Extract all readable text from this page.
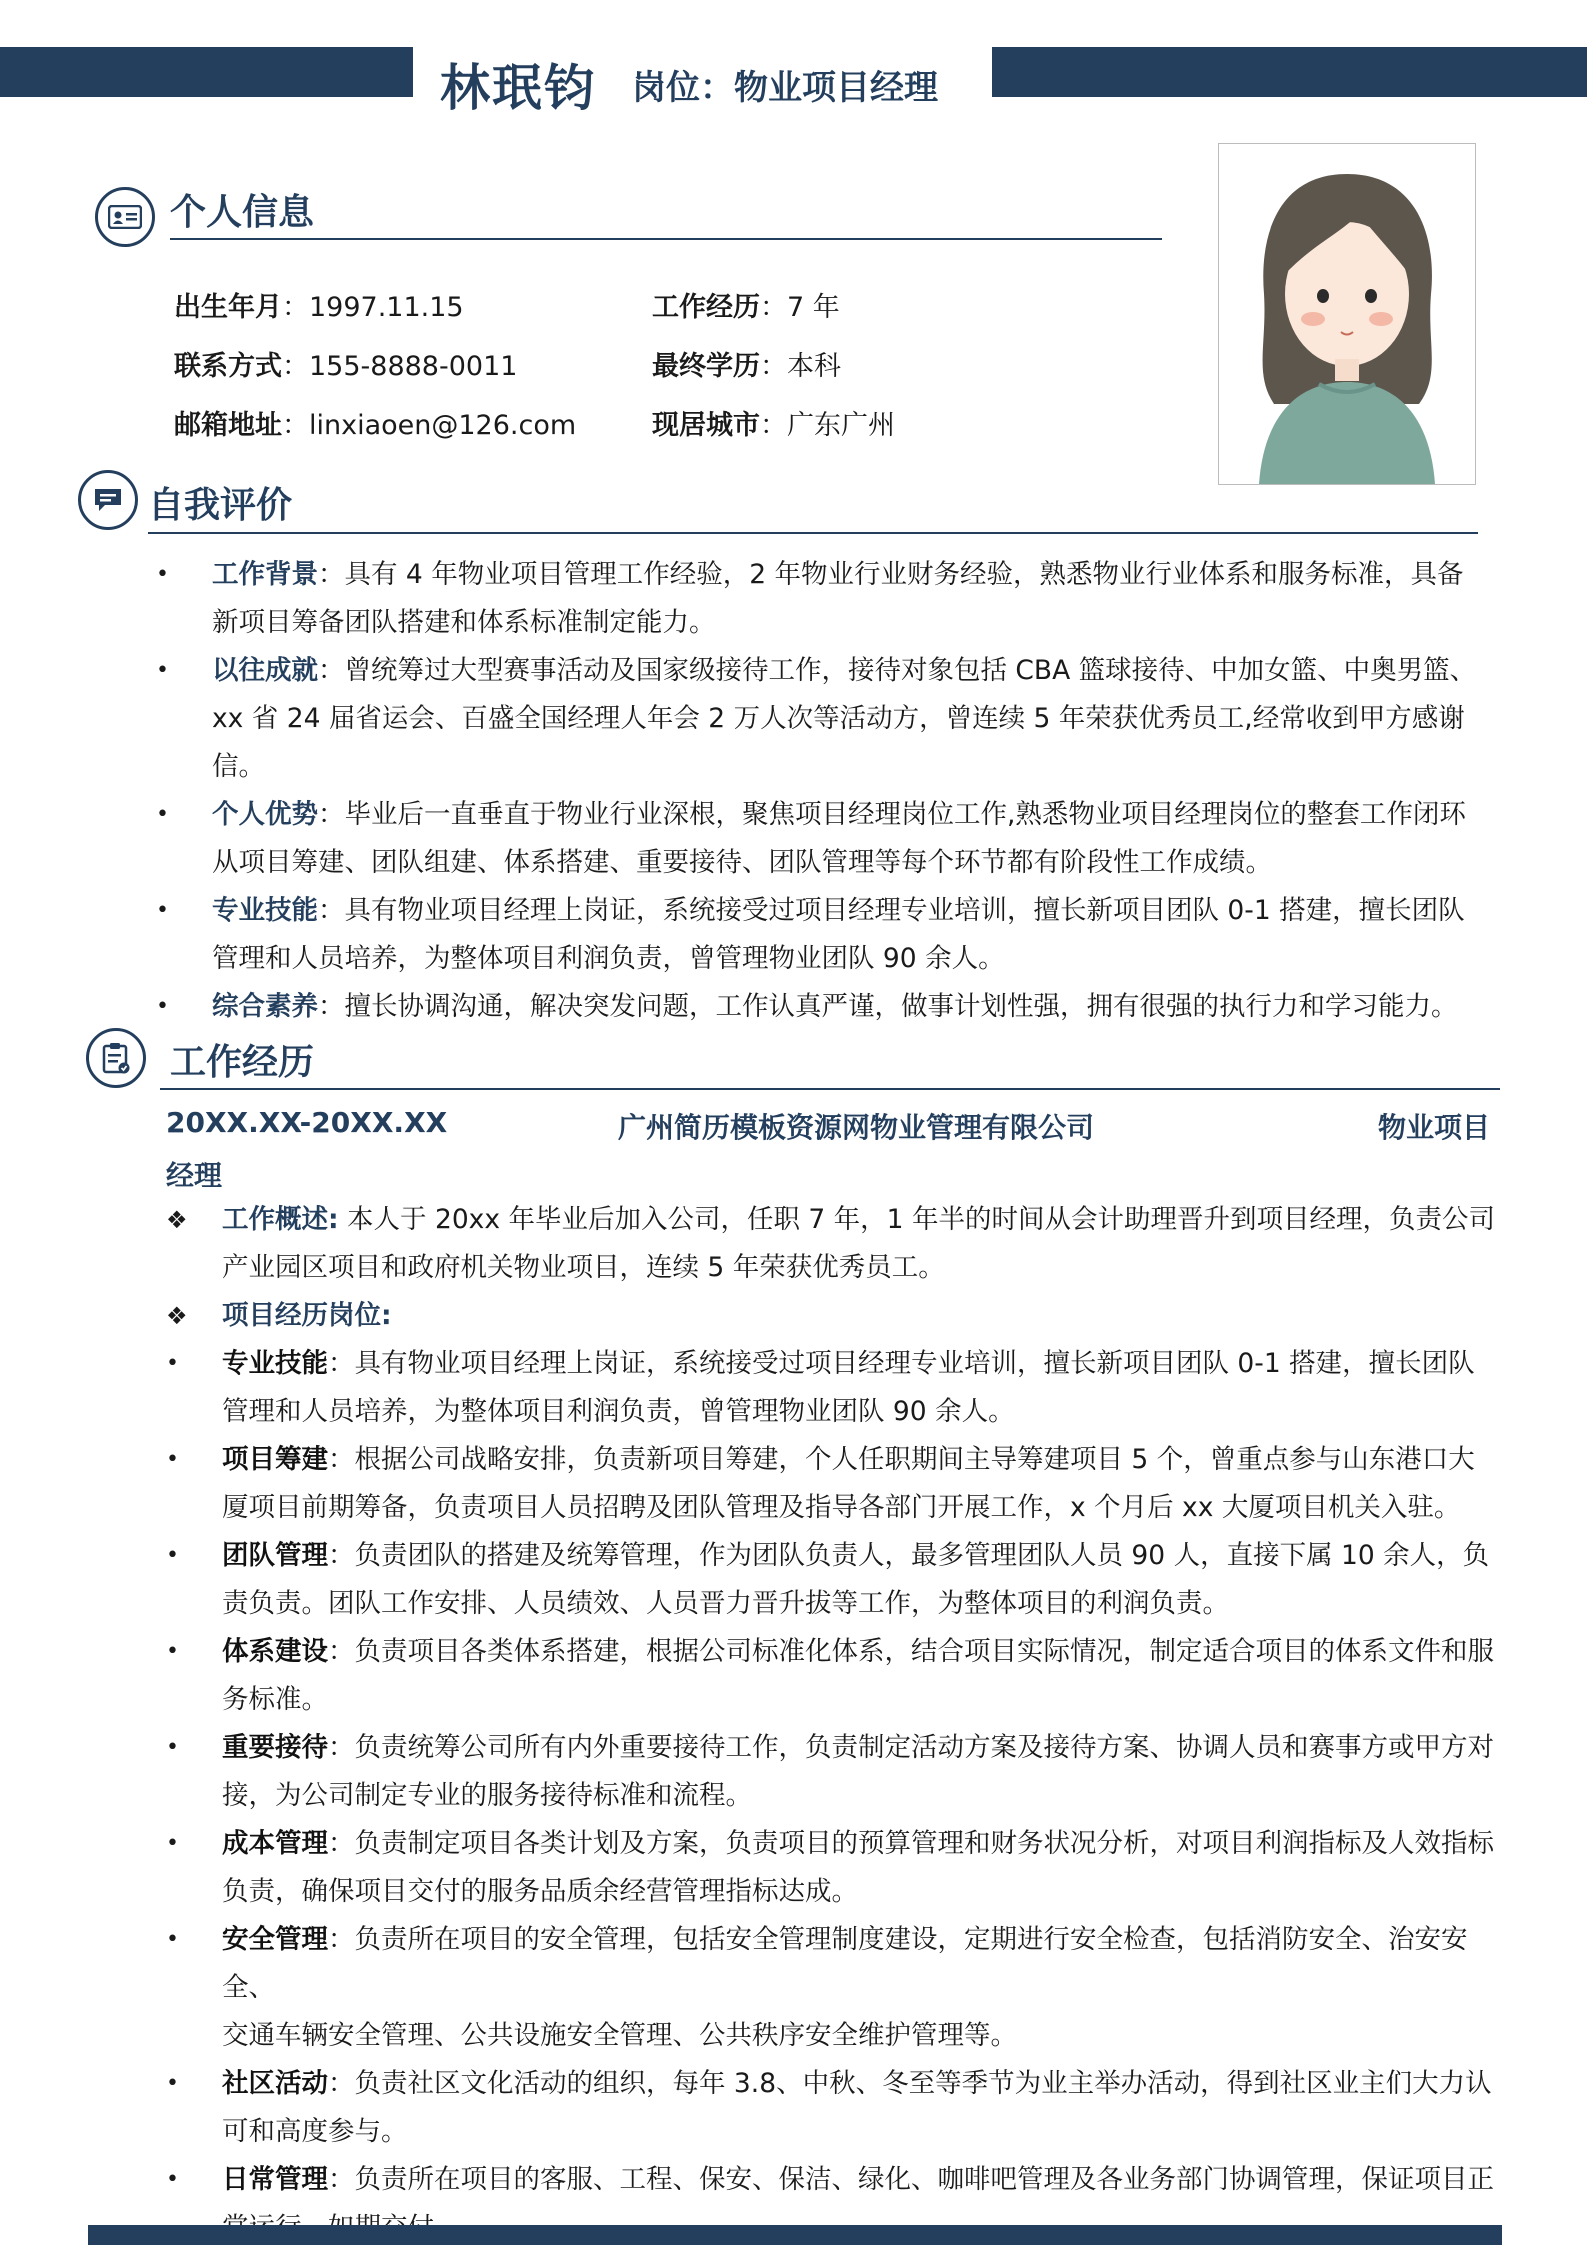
林珉钧 岗位：物业项目经理
个人信息
出生年月：1997.11.15	工作经历：7 年
联系方式：155-8888-0011	最终学历：本科
邮箱地址：linxiaoen@126.com	现居城市：广东广州
自我评价
• 工作背景：具有 4 年物业项目管理工作经验，2 年物业行业财务经验，熟悉物业行业体系和服务标准，具备
新项目筹备团队搭建和体系标准制定能力。
• 以往成就：曾统筹过大型赛事活动及国家级接待工作，接待对象包括 CBA 篮球接待、中加女篮、中奥男篮、
xx 省 24 届省运会、百盛全国经理人年会 2 万人次等活动方，曾连续 5 年荣获优秀员工,经常收到甲方感谢信。
• 个人优势：毕业后一直垂直于物业行业深根，聚焦项目经理岗位工作,熟悉物业项目经理岗位的整套工作闭环
从项目筹建、团队组建、体系搭建、重要接待、团队管理等每个环节都有阶段性工作成绩。
• 专业技能：具有物业项目经理上岗证，系统接受过项目经理专业培训，擅长新项目团队 0-1 搭建，擅长团队
管理和人员培养，为整体项目利润负责，曾管理物业团队 90 余人。
• 综合素养：擅长协调沟通，解决突发问题，工作认真严谨，做事计划性强，拥有很强的执行力和学习能力。
工作经历
20XX.XX-20XX.XX	广州简历模板资源网物业管理有限公司	物业项目
经理
❖ 工作概述: 本人于 20xx 年毕业后加入公司，任职 7 年，1 年半的时间从会计助理晋升到项目经理，负责公司
产业园区项目和政府机关物业项目，连续 5 年荣获优秀员工。
❖ 项目经历岗位:
• 专业技能：具有物业项目经理上岗证，系统接受过项目经理专业培训，擅长新项目团队 0-1 搭建，擅长团队
管理和人员培养，为整体项目利润负责，曾管理物业团队 90 余人。
• 项目筹建：根据公司战略安排，负责新项目筹建，个人任职期间主导筹建项目 5 个，曾重点参与山东港口大
厦项目前期筹备，负责项目人员招聘及团队管理及指导各部门开展工作，x 个月后 xx 大厦项目机关入驻。
• 团队管理：负责团队的搭建及统筹管理，作为团队负责人，最多管理团队人员 90 人，直接下属 10 余人，负
责负责。团队工作安排、人员绩效、人员晋力晋升拔等工作，为整体项目的利润负责。
• 体系建设：负责项目各类体系搭建，根据公司标准化体系，结合项目实际情况，制定适合项目的体系文件和服
务标准。
• 重要接待：负责统筹公司所有内外重要接待工作，负责制定活动方案及接待方案、协调人员和赛事方或甲方对
接，为公司制定专业的服务接待标准和流程。
• 成本管理：负责制定项目各类计划及方案，负责项目的预算管理和财务状况分析，对项目利润指标及人效指标
负责，确保项目交付的服务品质余经营管理指标达成。
• 安全管理：负责所在项目的安全管理，包括安全管理制度建设，定期进行安全检查，包括消防安全、治安安全、
交通车辆安全管理、公共设施安全管理、公共秩序安全维护管理等。
• 社区活动：负责社区文化活动的组织，每年 3.8、中秋、冬至等季节为业主举办活动，得到社区业主们大力认
可和高度参与。
• 日常管理：负责所在项目的客服、工程、保安、保洁、绿化、咖啡吧管理及各业务部门协调管理，保证项目正
